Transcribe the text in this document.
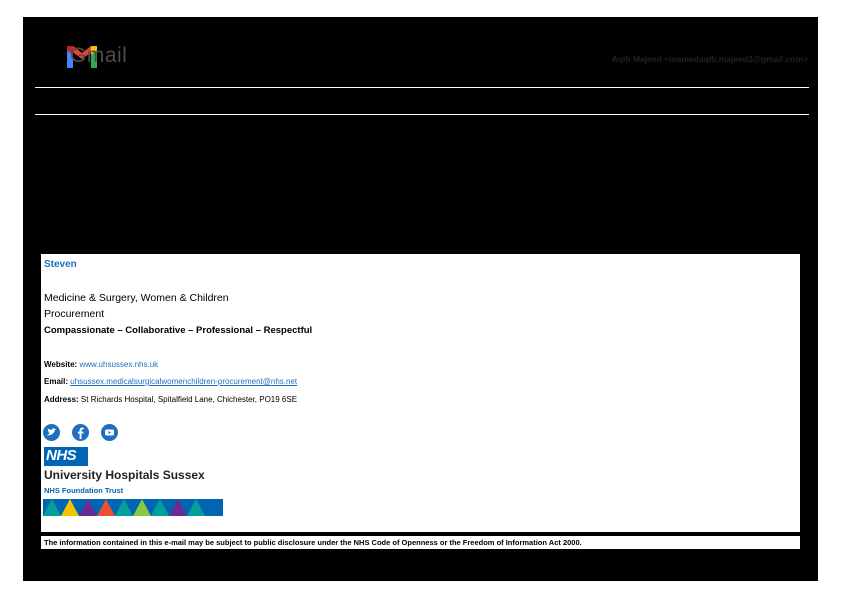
Gmail	Aqib Majeed <mamedaqib.majeed3@gmail.com>
Steven
Medicine & Surgery, Women & Children
Procurement
Compassionate – Collaborative – Professional – Respectful
Website: www.uhsussex.nhs.uk
Email: uhsussex.medicalsurgicalwomenchildren-procurement@nhs.net
Address: St Richards Hospital, Spitalfield Lane, Chichester, PO19 6SE
NHS
University Hospitals Sussex
NHS Foundation Trust
The information contained in this e-mail may be subject to public disclosure under the NHS Code of Openness or the Freedom of Information Act 2000.
